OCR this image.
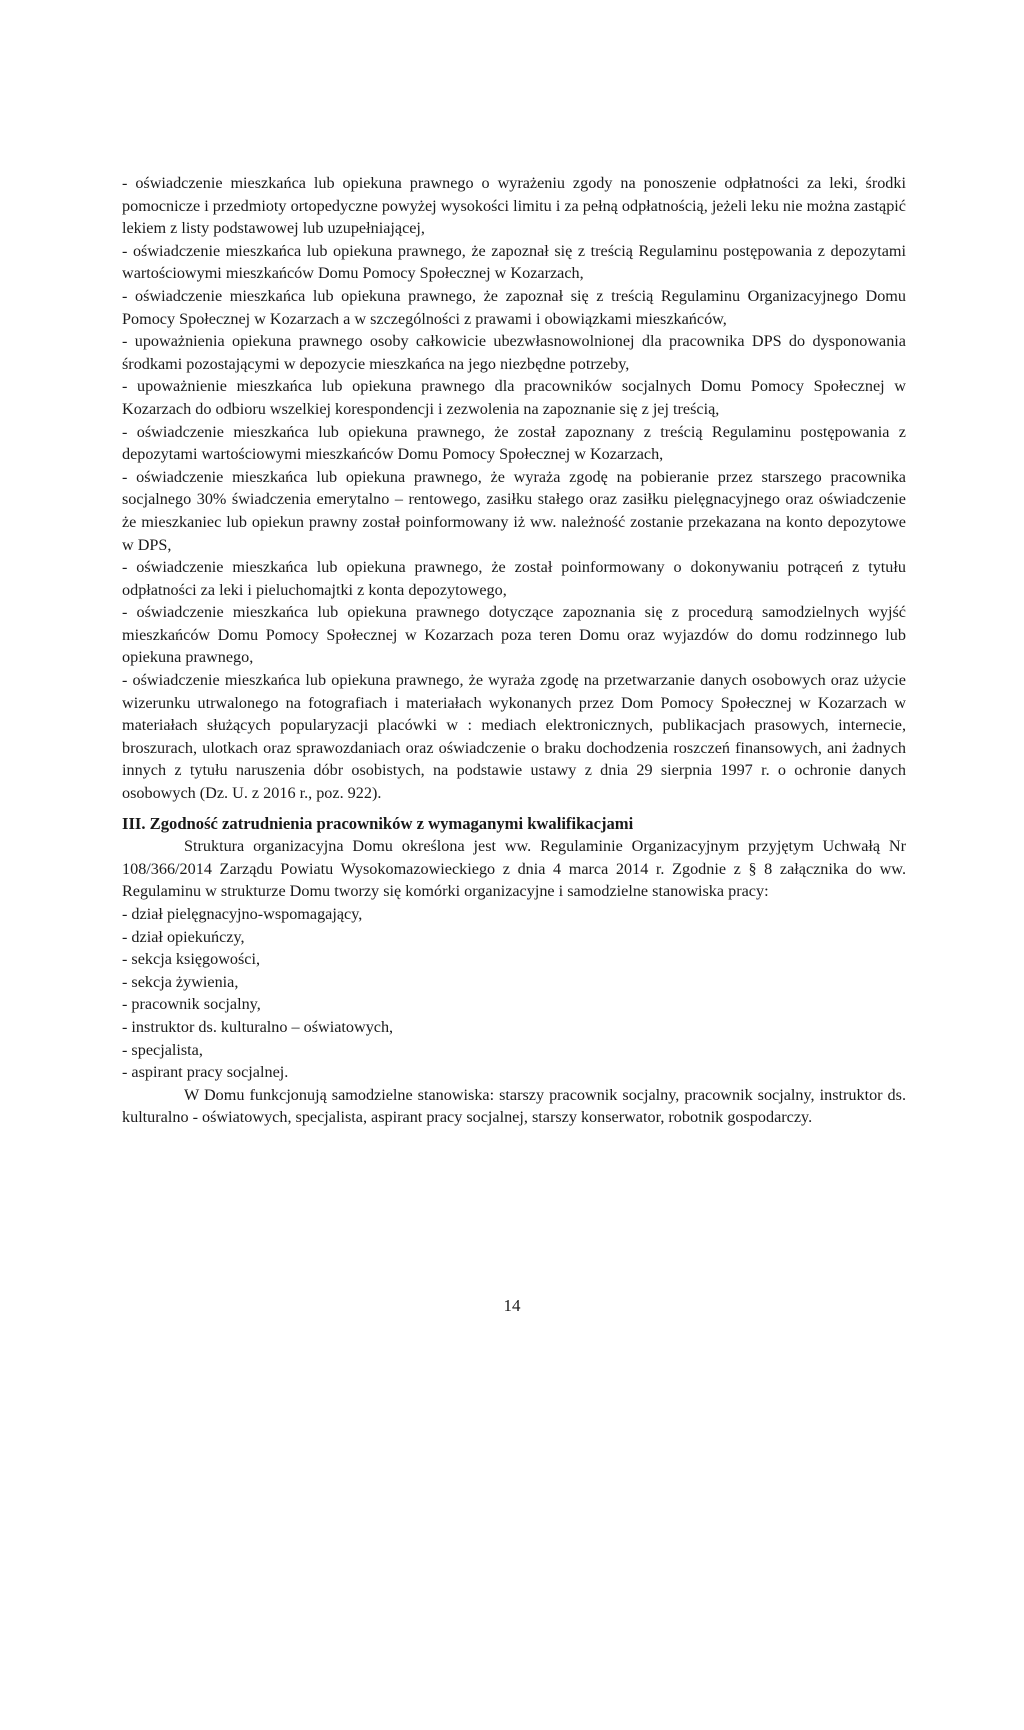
- oświadczenie mieszkańca lub opiekuna prawnego o wyrażeniu zgody na ponoszenie odpłatności za leki, środki pomocnicze i przedmioty ortopedyczne powyżej wysokości limitu i za pełną odpłatnością, jeżeli leku nie można zastąpić lekiem z listy podstawowej lub uzupełniającej,

- oświadczenie mieszkańca lub opiekuna prawnego, że zapoznał się z treścią Regulaminu postępowania z depozytami wartościowymi mieszkańców Domu Pomocy Społecznej w Kozarzach,

- oświadczenie mieszkańca lub opiekuna prawnego, że zapoznał się z treścią Regulaminu Organizacyjnego Domu Pomocy Społecznej w Kozarzach a w szczególności z prawami i obowiązkami mieszkańców,

- upoważnienia opiekuna prawnego osoby całkowicie ubezwłasnowolnionej dla pracownika DPS do dysponowania środkami pozostającymi w depozycie mieszkańca na jego niezbędne potrzeby,

- upoważnienie mieszkańca lub opiekuna prawnego dla pracowników socjalnych Domu Pomocy Społecznej w Kozarzach do odbioru wszelkiej korespondencji i zezwolenia na zapoznanie się z jej treścią,

- oświadczenie mieszkańca lub opiekuna prawnego, że został zapoznany z treścią Regulaminu postępowania z depozytami wartościowymi mieszkańców Domu Pomocy Społecznej w Kozarzach,

- oświadczenie mieszkańca lub opiekuna prawnego, że wyraża zgodę na pobieranie przez starszego pracownika socjalnego 30% świadczenia emerytalno – rentowego, zasiłku stałego oraz zasiłku pielęgnacyjnego oraz oświadczenie że mieszkaniec lub opiekun prawny został poinformowany iż ww. należność zostanie przekazana na konto depozytowe w DPS,

- oświadczenie mieszkańca lub opiekuna prawnego, że został poinformowany o dokonywaniu potrąceń z tytułu odpłatności za leki i pieluchomajtki z konta depozytowego,

- oświadczenie mieszkańca lub opiekuna prawnego dotyczące zapoznania się z procedurą samodzielnych wyjść mieszkańców Domu Pomocy Społecznej w Kozarzach poza teren Domu oraz wyjazdów do domu rodzinnego lub opiekuna prawnego,

- oświadczenie mieszkańca lub opiekuna prawnego, że wyraża zgodę na przetwarzanie danych osobowych oraz użycie wizerunku utrwalonego na fotografiach i materiałach wykonanych przez Dom Pomocy Społecznej w Kozarzach w materiałach służących popularyzacji placówki w : mediach elektronicznych, publikacjach prasowych, internecie, broszurach, ulotkach oraz sprawozdaniach oraz oświadczenie o braku dochodzenia roszczeń finansowych, ani żadnych innych z tytułu naruszenia dóbr osobistych, na podstawie ustawy z dnia 29 sierpnia 1997 r. o ochronie danych osobowych (Dz. U. z 2016 r., poz. 922).

III. Zgodność zatrudnienia pracowników z wymaganymi kwalifikacjami

Struktura organizacyjna Domu określona jest ww. Regulaminie Organizacyjnym przyjętym Uchwałą Nr 108/366/2014 Zarządu Powiatu Wysokomazowieckiego z dnia 4 marca 2014 r. Zgodnie z § 8 załącznika do ww. Regulaminu w strukturze Domu tworzy się komórki organizacyjne i samodzielne stanowiska pracy:

- dział pielęgnacyjno-wspomagający,

- dział opiekuńczy,

- sekcja księgowości,

- sekcja żywienia,

- pracownik socjalny,

- instruktor ds. kulturalno – oświatowych,

- specjalista,

- aspirant pracy socjalnej.

W Domu funkcjonują samodzielne stanowiska: starszy pracownik socjalny, pracownik socjalny, instruktor ds. kulturalno - oświatowych, specjalista, aspirant pracy socjalnej, starszy konserwator, robotnik gospodarczy.

14
